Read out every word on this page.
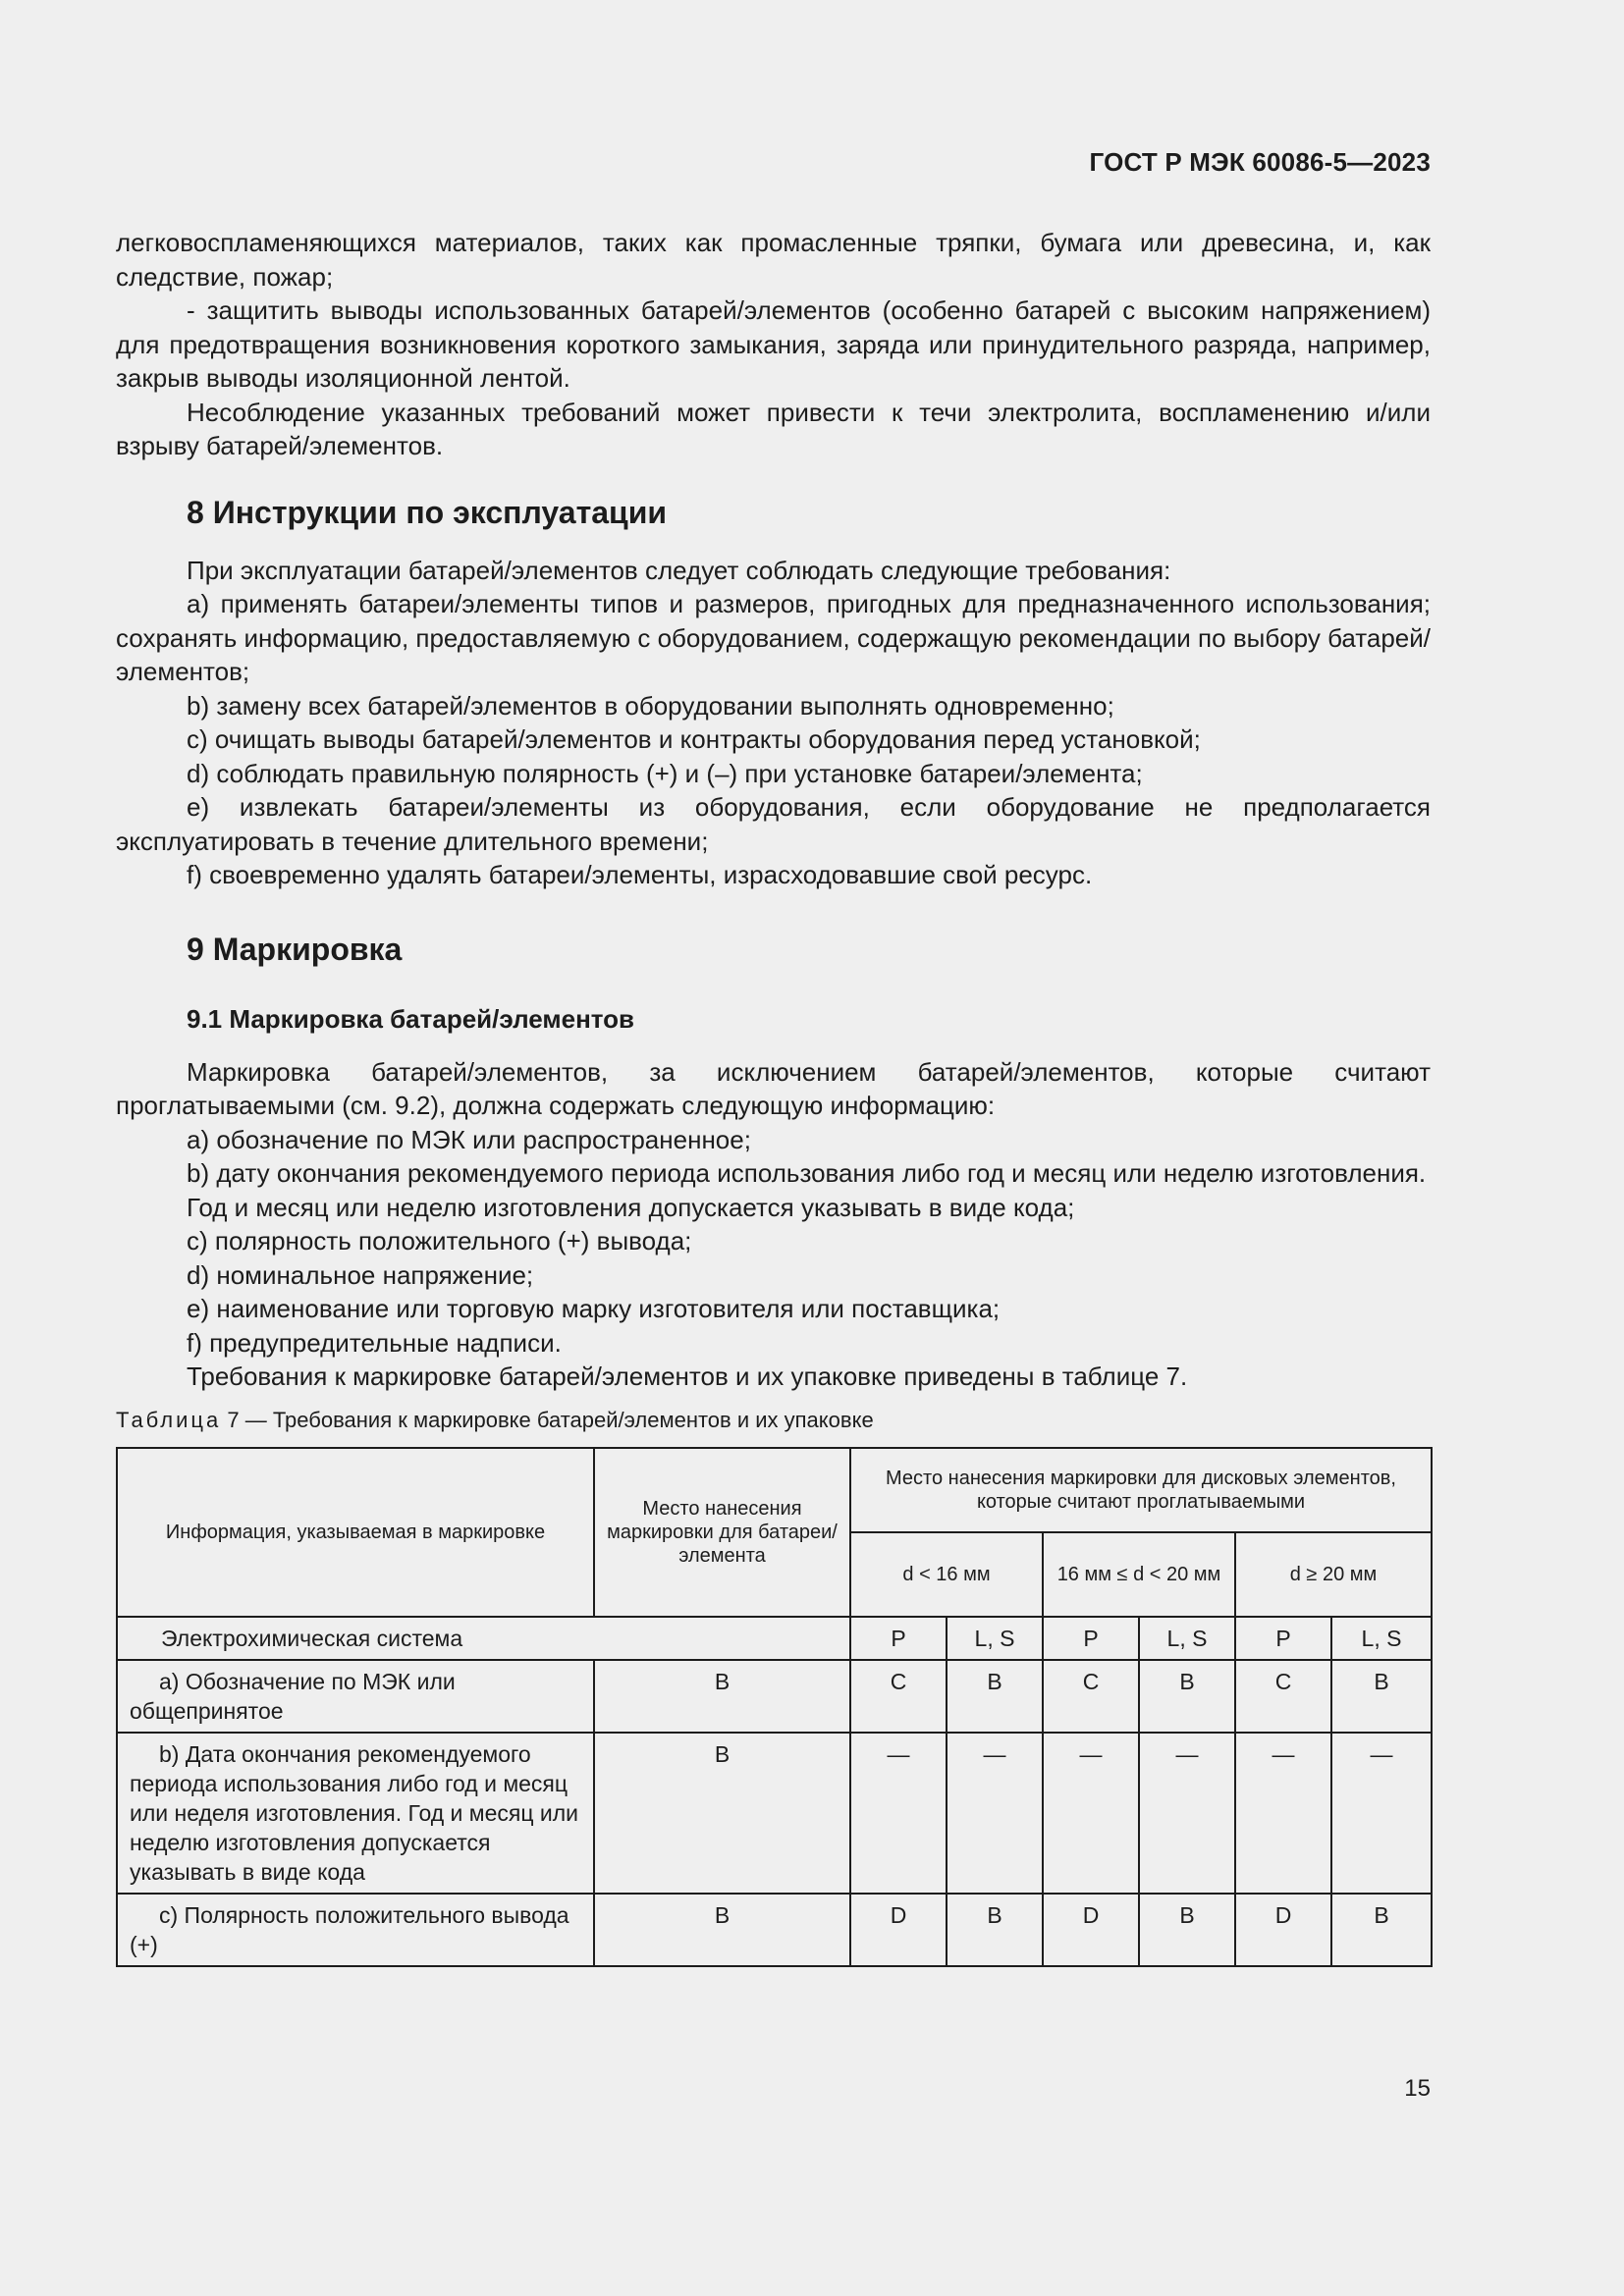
ГОСТ Р МЭК 60086-5—2023

легковоспламеняющихся материалов, таких как промасленные тряпки, бумага или древесина, и, как следствие, пожар;

- защитить выводы использованных батарей/элементов (особенно батарей с высоким напряжением) для предотвращения возникновения короткого замыкания, заряда или принудительного разряда, например, закрыв выводы изоляционной лентой.

Несоблюдение указанных требований может привести к течи электролита, воспламенению и/или взрыву батарей/элементов.

8 Инструкции по эксплуатации

При эксплуатации батарей/элементов следует соблюдать следующие требования:

a) применять батареи/элементы типов и размеров, пригодных для предназначенного использования; сохранять информацию, предоставляемую с оборудованием, содержащую рекомендации по выбору батарей/элементов;

b) замену всех батарей/элементов в оборудовании выполнять одновременно;

c) очищать выводы батарей/элементов и контракты оборудования перед установкой;

d) соблюдать правильную полярность (+) и (–) при установке батареи/элемента;

e) извлекать батареи/элементы из оборудования, если оборудование не предполагается эксплуатировать в течение длительного времени;

f) своевременно удалять батареи/элементы, израсходовавшие свой ресурс.

9 Маркировка
9.1 Маркировка батарей/элементов

Маркировка батарей/элементов, за исключением батарей/элементов, которые считают проглатываемыми (см. 9.2), должна содержать следующую информацию:

a) обозначение по МЭК или распространенное;

b) дату окончания рекомендуемого периода использования либо год и месяц или неделю изготовления.

Год и месяц или неделю изготовления допускается указывать в виде кода;

c) полярность положительного (+) вывода;

d) номинальное напряжение;

e) наименование или торговую марку изготовителя или поставщика;

f) предупредительные надписи.

Требования к маркировке батарей/элементов и их упаковке приведены в таблице 7.

Таблица 7 — Требования к маркировке батарей/элементов и их упаковке
Информация, указываемая в маркировке	Место нанесения маркировки для батареи/элемента	Место нанесения маркировки для дисковых элементов, которые считают проглатываемыми					
		d < 16 мм		16 мм ≤ d < 20 мм		d ≥ 20 мм	
Электрохимическая система		P	L, S	P	L, S	P	L, S
a) Обозначение по МЭК или общепринятое	B	C	B	C	B	C	B
b) Дата окончания рекомендуемого периода использования либо год и месяц или неделя изготовления. Год и месяц или неделю изготовления допускается указывать в виде кода	B	—	—	—	—	—	—
c) Полярность положительного вывода (+)	B	D	B	D	B	D	B
15
